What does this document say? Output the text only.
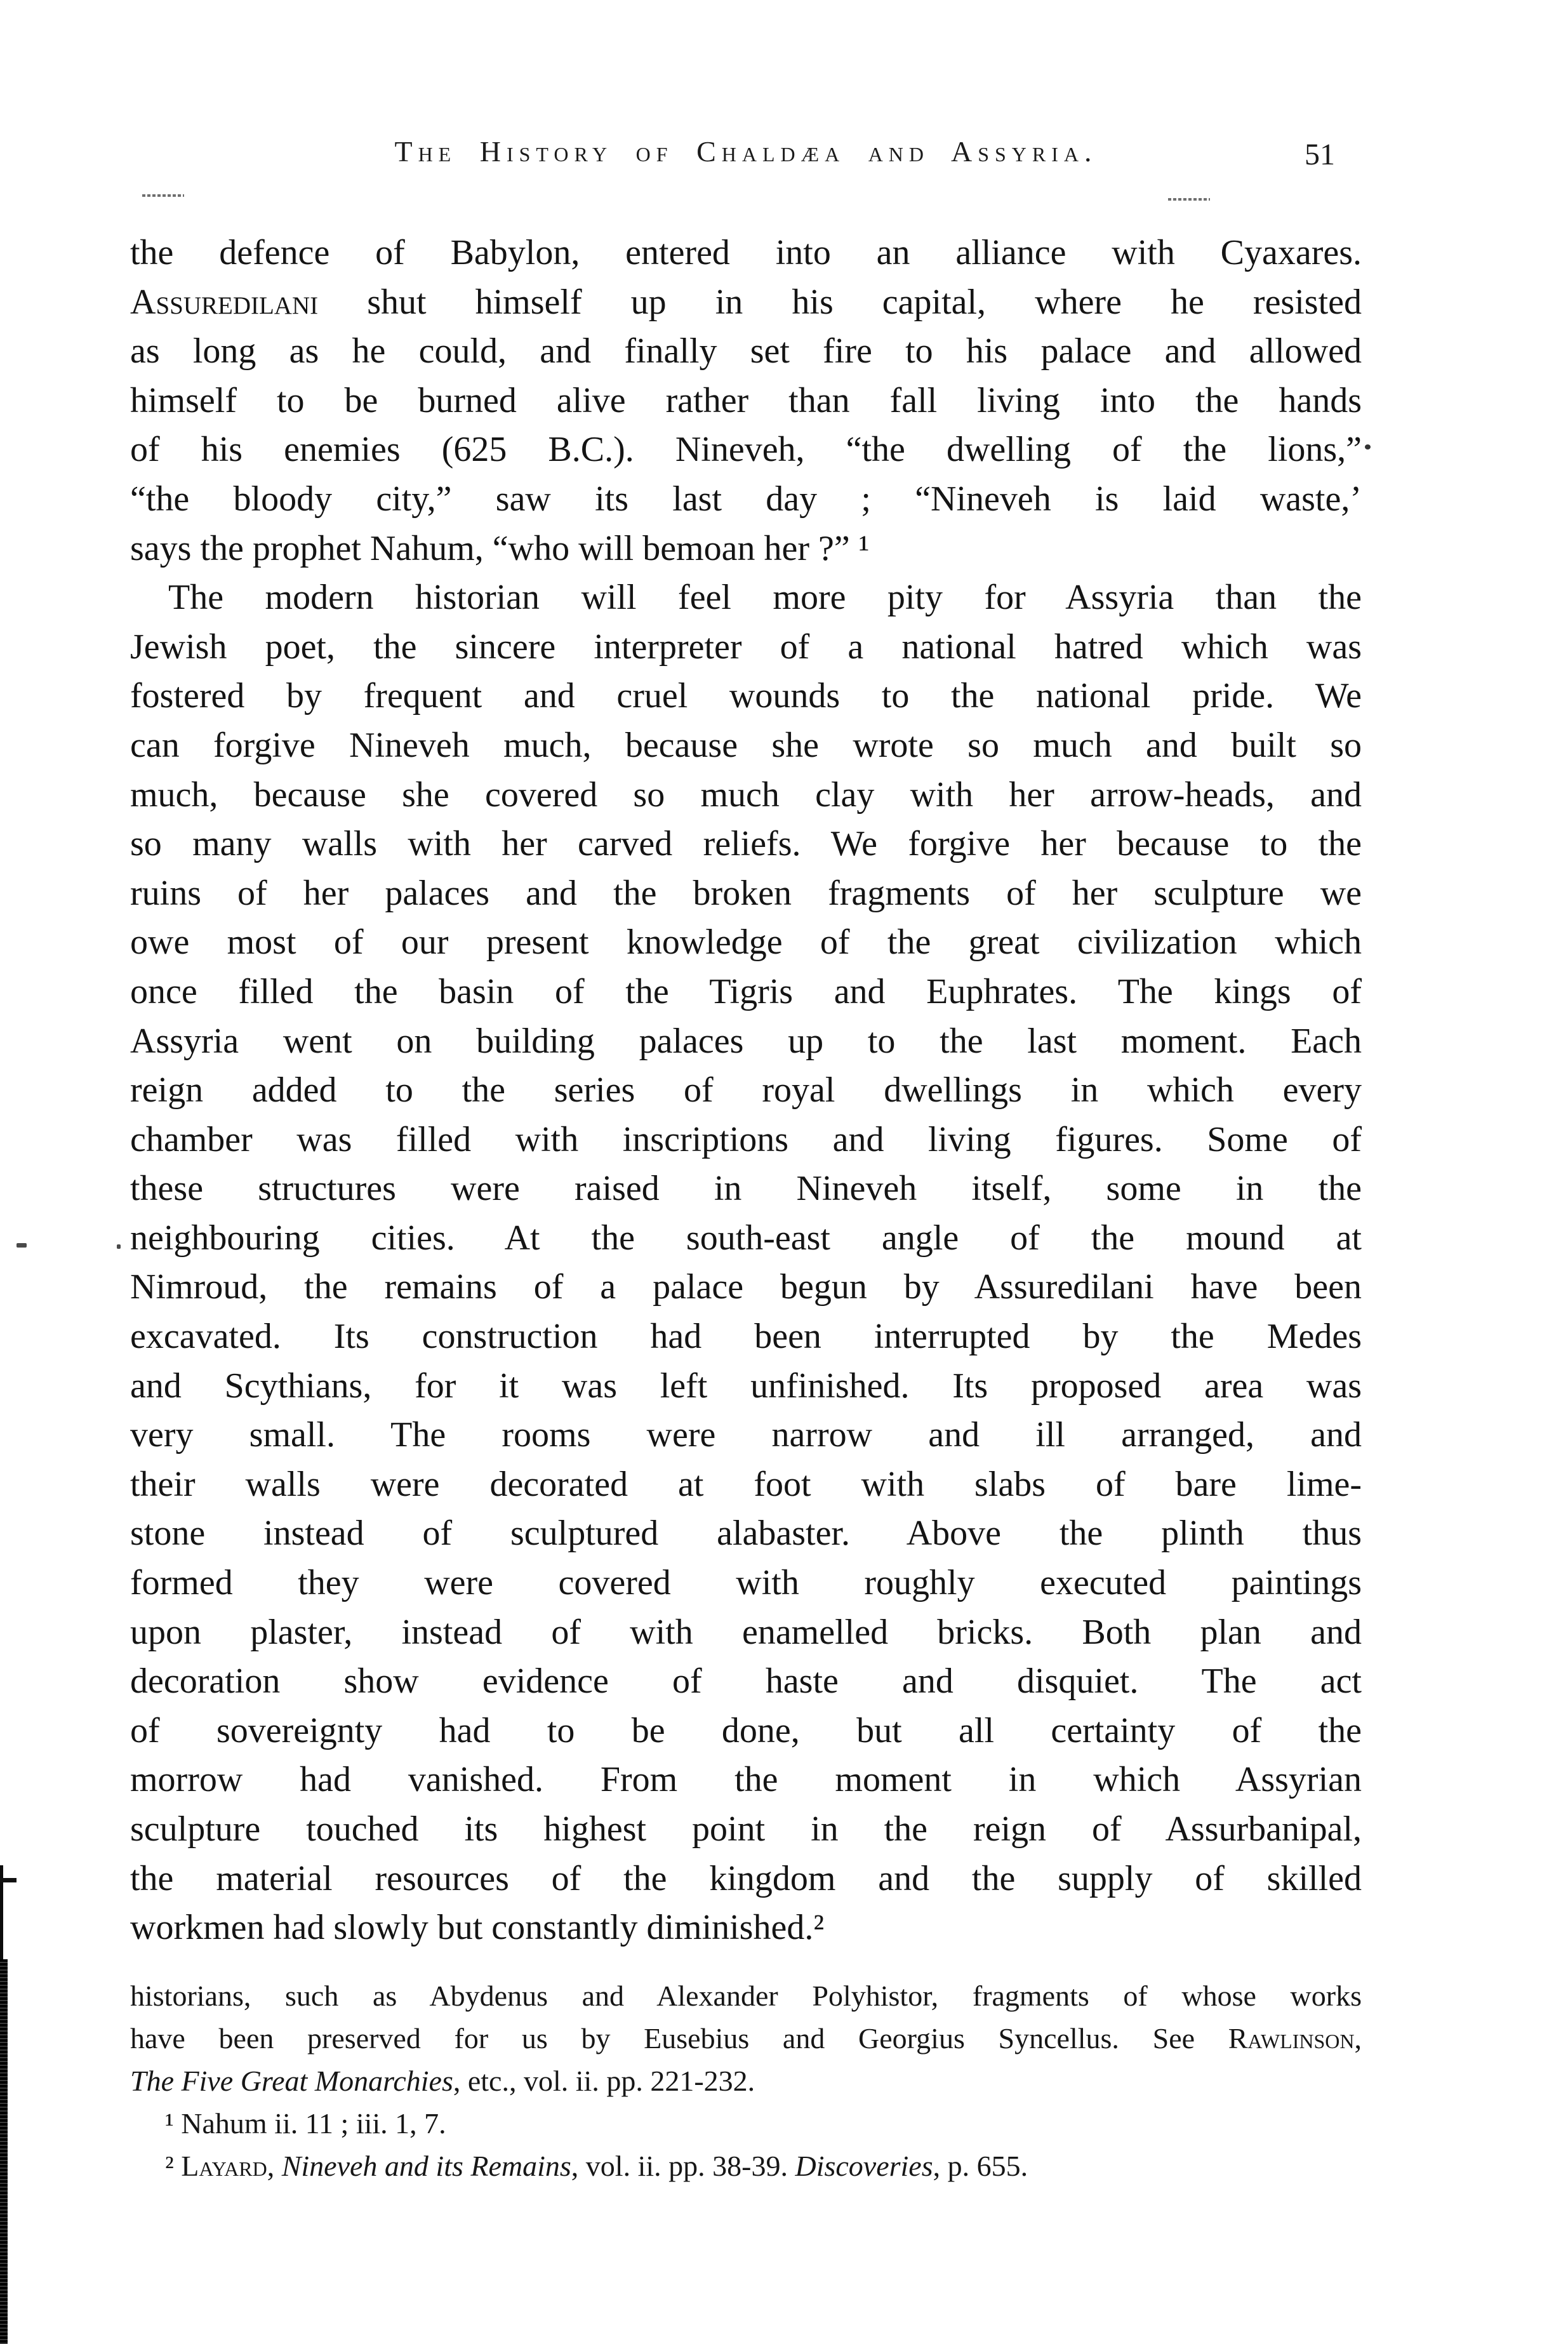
The History of Chaldæa and Assyria.	51
the defence of Babylon, entered into an alliance with Cyaxares.
Assuredilani shut himself up in his capital, where he resisted
as long as he could, and finally set fire to his palace and allowed
himself to be burned alive rather than fall living into the hands
of his enemies (625 B.C.). Nineveh, “the dwelling of the lions,”
“the bloody city,” saw its last day ; “Nineveh is laid waste,’
says the prophet Nahum, “who will bemoan her ?” ¹
The modern historian will feel more pity for Assyria than the
Jewish poet, the sincere interpreter of a national hatred which was
fostered by frequent and cruel wounds to the national pride. We
can forgive Nineveh much, because she wrote so much and built so
much, because she covered so much clay with her arrow-heads, and
so many walls with her carved reliefs. We forgive her because to the
ruins of her palaces and the broken fragments of her sculpture we
owe most of our present knowledge of the great civilization which
once filled the basin of the Tigris and Euphrates. The kings of
Assyria went on building palaces up to the last moment. Each
reign added to the series of royal dwellings in which every
chamber was filled with inscriptions and living figures. Some of
these structures were raised in Nineveh itself, some in the
neighbouring cities. At the south-east angle of the mound at
Nimroud, the remains of a palace begun by Assuredilani have been
excavated. Its construction had been interrupted by the Medes
and Scythians, for it was left unfinished. Its proposed area was
very small. The rooms were narrow and ill arranged, and
their walls were decorated at foot with slabs of bare lime-
stone instead of sculptured alabaster. Above the plinth thus
formed they were covered with roughly executed paintings
upon plaster, instead of with enamelled bricks. Both plan and
decoration show evidence of haste and disquiet. The act
of sovereignty had to be done, but all certainty of the
morrow had vanished. From the moment in which Assyrian
sculpture touched its highest point in the reign of Assurbanipal,
the material resources of the kingdom and the supply of skilled
workmen had slowly but constantly diminished.²
historians, such as Abydenus and Alexander Polyhistor, fragments of whose works
have been preserved for us by Eusebius and Georgius Syncellus. See Rawlinson,
The Five Great Monarchies, etc., vol. ii. pp. 221-232.
¹ Nahum ii. 11 ; iii. 1, 7.
² Layard, Nineveh and its Remains, vol. ii. pp. 38-39. Discoveries, p. 655.
